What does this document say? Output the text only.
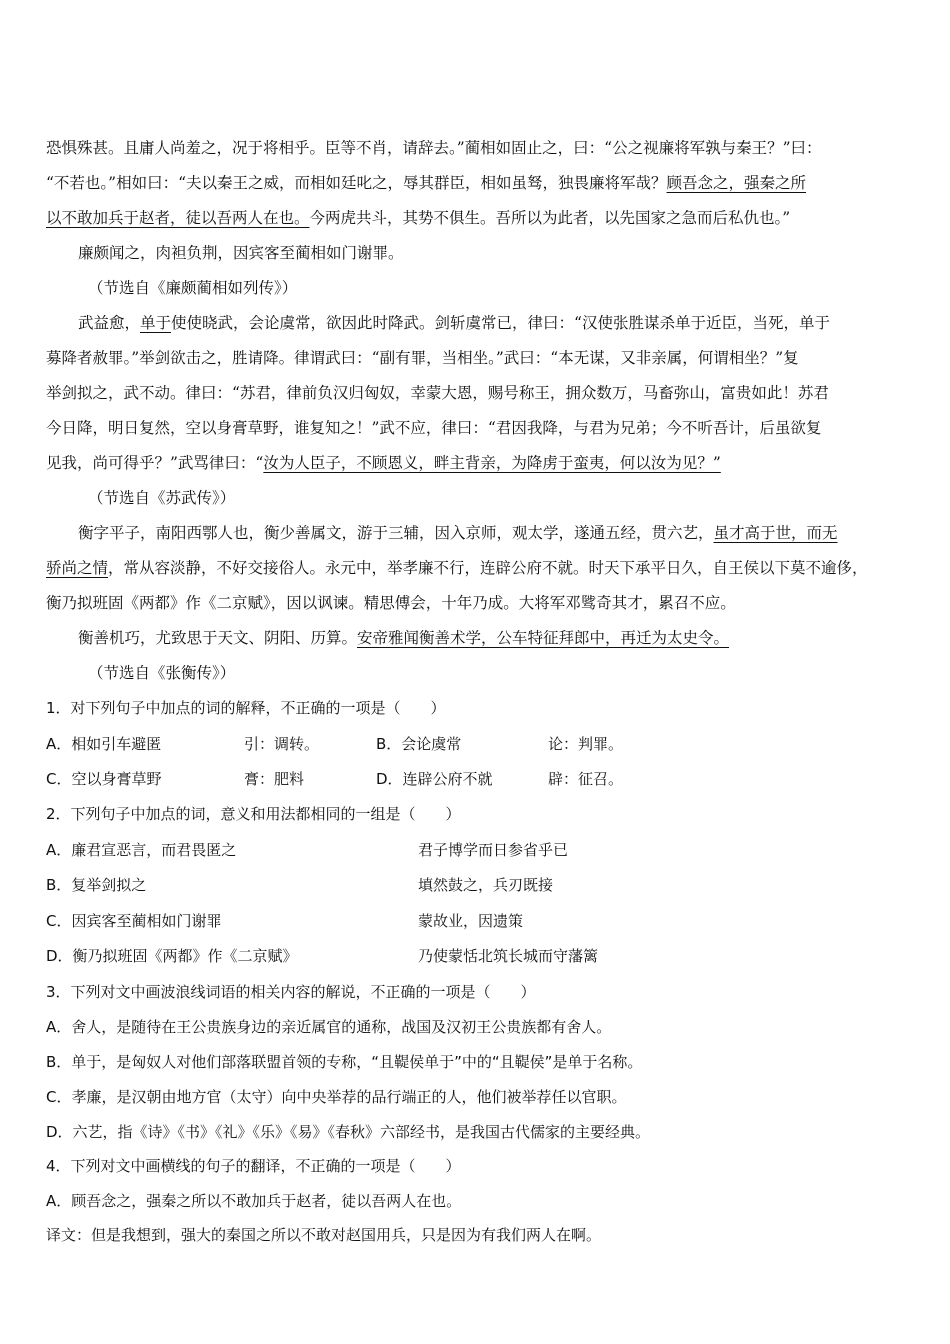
恐惧殊甚。且庸人尚羞之，况于将相乎。臣等不肖，请辞去。”蔺相如固止之，曰：“公之视廉将军孰与秦王？”曰：
“不若也。”相如曰：“夫以秦王之威，而相如廷叱之，辱其群臣，相如虽驽，独畏廉将军哉？顾吾念之，强秦之所
以不敢加兵于赵者，徒以吾两人在也。今两虎共斗，其势不俱生。吾所以为此者，以先国家之急而后私仇也。”
廉颇闻之，肉袒负荆，因宾客至蔺相如门谢罪。
（节选自《廉颇蔺相如列传》）
武益愈，单于使使晓武，会论虞常，欲因此时降武。剑斩虞常已，律曰：“汉使张胜谋杀单于近臣，当死，单于
募降者赦罪。”举剑欲击之，胜请降。律谓武曰：“副有罪，当相坐。”武曰：“本无谋，又非亲属，何谓相坐？”复
举剑拟之，武不动。律曰：“苏君，律前负汉归匈奴，幸蒙大恩，赐号称王，拥众数万，马畜弥山，富贵如此！苏君
今日降，明日复然，空以身膏草野，谁复知之！”武不应，律曰：“君因我降，与君为兄弟；今不听吾计，后虽欲复
见我，尚可得乎？”武骂律曰：“汝为人臣子，不顾恩义，畔主背亲，为降虏于蛮夷，何以汝为见？”
（节选自《苏武传》）
衡字平子，南阳西鄂人也，衡少善属文，游于三辅，因入京师，观太学，遂通五经，贯六艺，虽才高于世，而无
骄尚之情，常从容淡静，不好交接俗人。永元中，举孝廉不行，连辟公府不就。时天下承平日久，自王侯以下莫不逾侈，
衡乃拟班固《两都》作《二京赋》，因以讽谏。精思傅会，十年乃成。大将军邓骘奇其才，累召不应。
衡善机巧，尤致思于天文、阴阳、历算。安帝雅闻衡善术学，公车特征拜郎中，再迁为太史令。
（节选自《张衡传》）
1．对下列句子中加点的词的解释，不正确的一项是（　　）
A．相如引车避匿	引：调转。	B．会论虞常	论：判罪。
C．空以身膏草野	膏：肥料	D．连辟公府不就	辟：征召。
2．下列句子中加点的词，意义和用法都相同的一组是（　　）
A．廉君宣恶言，而君畏匿之	君子博学而日参省乎已
B．复举剑拟之	填然鼓之，兵刃既接
C．因宾客至蔺相如门谢罪	蒙故业，因遗策
D．衡乃拟班固《两都》作《二京赋》	乃使蒙恬北筑长城而守藩篱
3．下列对文中画波浪线词语的相关内容的解说，不正确的一项是（　　）
A．舍人，是随待在王公贵族身边的亲近属官的通称，战国及汉初王公贵族都有舍人。
B．单于，是匈奴人对他们部落联盟首领的专称，“且鞮侯单于”中的“且鞮侯”是单于名称。
C．孝廉，是汉朝由地方官（太守）向中央举荐的品行端正的人，他们被举荐任以官职。
D．六艺，指《诗》《书》《礼》《乐》《易》《春秋》六部经书，是我国古代儒家的主要经典。
4．下列对文中画横线的句子的翻译，不正确的一项是（　　）
A．顾吾念之，强秦之所以不敢加兵于赵者，徒以吾两人在也。
译文：但是我想到，强大的秦国之所以不敢对赵国用兵，只是因为有我们两人在啊。
